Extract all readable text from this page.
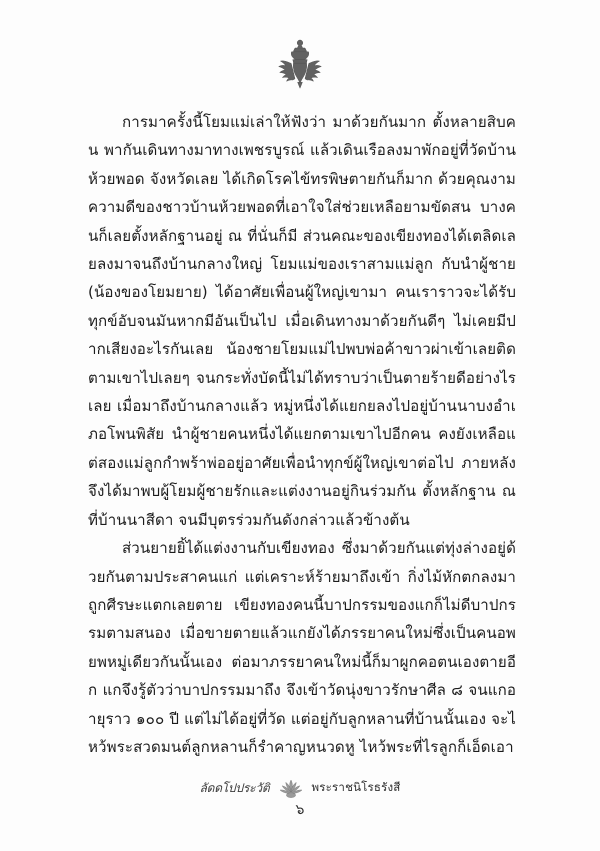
การมาครั้งนี้โยมแม่เล่าให้ฟังว่า มาด้วยกันมาก ตั้งหลายสิบคน พากันเดินทางมาทางเพชรบูรณ์ แล้วเดินเรือลงมาพักอยู่ที่วัดบ้านห้วยพอด จังหวัดเลย ได้เกิดโรคไข้ทรพิษตายกันก็มาก ด้วยคุณงามความดีของชาวบ้านห้วยพอดที่เอาใจใส่ช่วยเหลือยามขัดสน บางคนก็เลยตั้งหลักฐานอยู่ ณ ที่นั่นก็มี ส่วนคณะของเขียงทองได้เตลิดเลยลงมาจนถึงบ้านกลางใหญ่ โยมแม่ของเราสามแม่ลูก กับนำผู้ชาย (น้องของโยมยาย) ได้อาศัยเพื่อนผู้ใหญ่เขามา คนเราราวจะได้รับทุกข์อับจนมันหากมีอันเป็นไป เมื่อเดินทางมาด้วยกันดีๆ ไม่เคยมีปากเสียงอะไรกันเลย น้องชายโยมแม่ไปพบพ่อค้าขาวผ่าเข้าเลยติดตามเขาไปเลยๆ จนกระทั่งบัดนี้ไม่ได้ทราบว่าเป็นตายร้ายดีอย่างไรเลย เมื่อมาถึงบ้านกลางแล้ว หมู่หนึ่งได้แยกยลงไปอยู่บ้านนาบงอำเภอโพนพิสัย นำผู้ชายคนหนึ่งได้แยกตามเขาไปอีกคน คงยังเหลือแต่สองแม่ลูกกำพร้าพ่ออยู่อาศัยเพื่อนำทุกข์ผู้ใหญ่เขาต่อไป ภายหลังจึงได้มาพบผู้โยมผู้ชายรักและแต่งงานอยู่กินร่วมกัน ตั้งหลักฐาน ณ ที่บ้านนาสีดา จนมีบุตรร่วมกันดังกล่าวแล้วข้างต้น

ส่วนยายยิ้ได้แต่งงานกับเขียงทอง ซึ่งมาด้วยกันแต่ทุ่งล่างอยู่ด้วยกันตามประสาคนแก่ แต่เคราะห์ร้ายมาถึงเข้า กิ่งไม้หักตกลงมาถูกศีรษะแตกเลยตาย เขียงทองคนนี้บาปกรรมของแกก็ไม่ดีบาปกรรมตามสนอง เมื่อขายตายแล้วแกยังได้ภรรยาคนใหม่ซึ่งเป็นคนอพยพหมู่เดียวกันนั้นเอง ต่อมาภรรยาคนใหม่นี้ก็มาผูกคอตนเองตายอีก แกจึงรู้ตัวว่าบาปกรรมมาถึง จึงเข้าวัดนุ่งขาวรักษาศีล ๘ จนแกอายุราว ๑๐๐ ปี แต่ไม่ได้อยู่ที่วัด แต่อยู่กับลูกหลานที่บ้านนั้นเอง จะไหว้พระสวดมนต์ลูกหลานก็รำคาญหนวดหู ไหว้พระที่ไรลูกก็เอ็ดเอา

ลัดดโปประวัติ	พระราชนิโรธรังสี
๖
